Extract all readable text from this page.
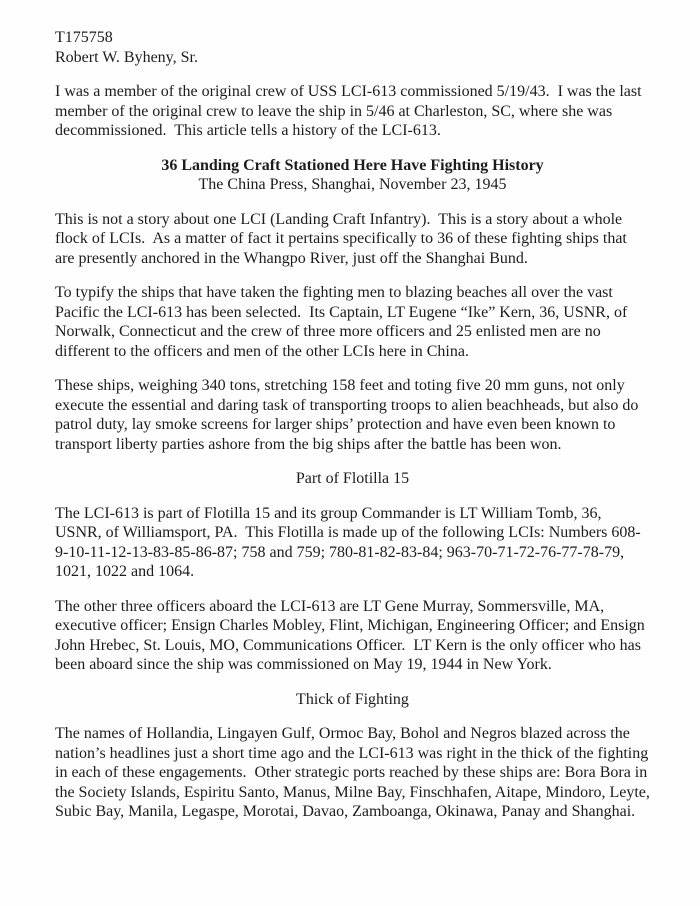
T175758

Robert W. Byheny, Sr.

I was a member of the original crew of USS LCI-613 commissioned 5/19/43.  I was the last member of the original crew to leave the ship in 5/46 at Charleston, SC, where she was decommissioned.  This article tells a history of the LCI-613.

36 Landing Craft Stationed Here Have Fighting History

The China Press, Shanghai, November 23, 1945

This is not a story about one LCI (Landing Craft Infantry).  This is a story about a whole flock of LCIs.  As a matter of fact it pertains specifically to 36 of these fighting ships that are presently anchored in the Whangpo River, just off the Shanghai Bund.

To typify the ships that have taken the fighting men to blazing beaches all over the vast Pacific the LCI-613 has been selected.  Its Captain, LT Eugene “Ike” Kern, 36, USNR, of Norwalk, Connecticut and the crew of three more officers and 25 enlisted men are no different to the officers and men of the other LCIs here in China.

These ships, weighing 340 tons, stretching 158 feet and toting five 20 mm guns, not only execute the essential and daring task of transporting troops to alien beachheads, but also do patrol duty, lay smoke screens for larger ships’ protection and have even been known to transport liberty parties ashore from the big ships after the battle has been won.

Part of Flotilla 15

The LCI-613 is part of Flotilla 15 and its group Commander is LT William Tomb, 36, USNR, of Williamsport, PA.  This Flotilla is made up of the following LCIs: Numbers 608-9-10-11-12-13-83-85-86-87; 758 and 759; 780-81-82-83-84; 963-70-71-72-76-77-78-79, 1021, 1022 and 1064.

The other three officers aboard the LCI-613 are LT Gene Murray, Sommersville, MA, executive officer; Ensign Charles Mobley, Flint, Michigan, Engineering Officer; and Ensign John Hrebec, St. Louis, MO, Communications Officer.  LT Kern is the only officer who has been aboard since the ship was commissioned on May 19, 1944 in New York.

Thick of Fighting

The names of Hollandia, Lingayen Gulf, Ormoc Bay, Bohol and Negros blazed across the nation’s headlines just a short time ago and the LCI-613 was right in the thick of the fighting in each of these engagements.  Other strategic ports reached by these ships are: Bora Bora in the Society Islands, Espiritu Santo, Manus, Milne Bay, Finschhafen, Aitape, Mindoro, Leyte, Subic Bay, Manila, Legaspe, Morotai, Davao, Zamboanga, Okinawa, Panay and Shanghai.
